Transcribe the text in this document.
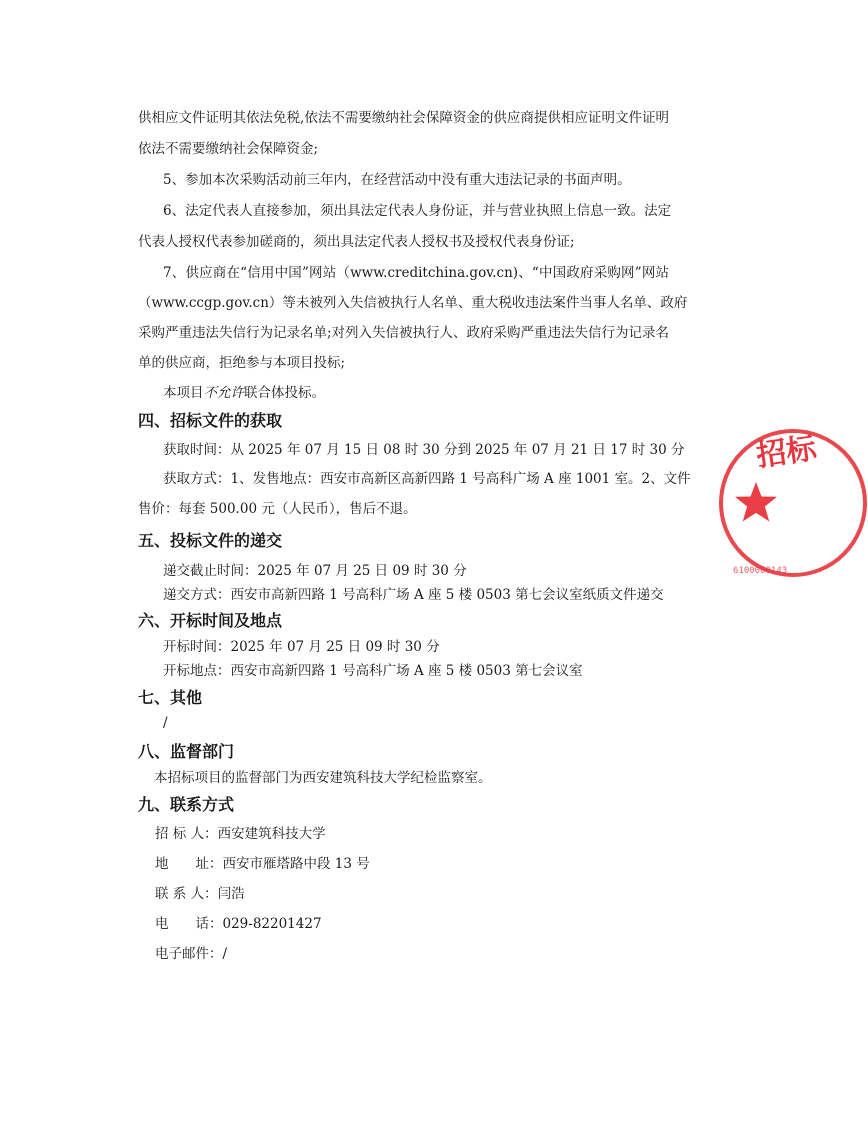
供相应文件证明其依法免税,依法不需要缴纳社会保障资金的供应商提供相应证明文件证明
依法不需要缴纳社会保障资金;
5、参加本次采购活动前三年内，在经营活动中没有重大违法记录的书面声明。
6、法定代表人直接参加，须出具法定代表人身份证，并与营业执照上信息一致。法定
代表人授权代表参加磋商的，须出具法定代表人授权书及授权代表身份证;
7、供应商在“信用中国”网站（www.creditchina.gov.cn)、“中国政府采购网”网站
（www.ccgp.gov.cn）等未被列入失信被执行人名单、重大税收违法案件当事人名单、政府
采购严重违法失信行为记录名单;对列入失信被执行人、政府采购严重违法失信行为记录名
单的供应商，拒绝参与本项目投标;
本项目不允许联合体投标。
四、招标文件的获取
获取时间：从 2025 年 07 月 15 日 08 时 30 分到 2025 年 07 月 21 日 17 时 30 分
获取方式：1、发售地点：西安市高新区高新四路 1 号高科广场 A 座 1001 室。2、文件
售价：每套 500.00 元（人民币），售后不退。
五、投标文件的递交
递交截止时间：2025 年 07 月 25 日 09 时 30 分
递交方式：西安市高新四路 1 号高科广场 A 座 5 楼 0503 第七会议室纸质文件递交
六、开标时间及地点
开标时间：2025 年 07 月 25 日 09 时 30 分
开标地点：西安市高新四路 1 号高科广场 A 座 5 楼 0503 第七会议室
七、其他
/
八、监督部门
本招标项目的监督部门为西安建筑科技大学纪检监察室。
九、联系方式
招 标 人：西安建筑科技大学
地　　址：西安市雁塔路中段 13 号
联 系 人：闫浩
电　　话：029-82201427
电子邮件：/
招标
6100000143
